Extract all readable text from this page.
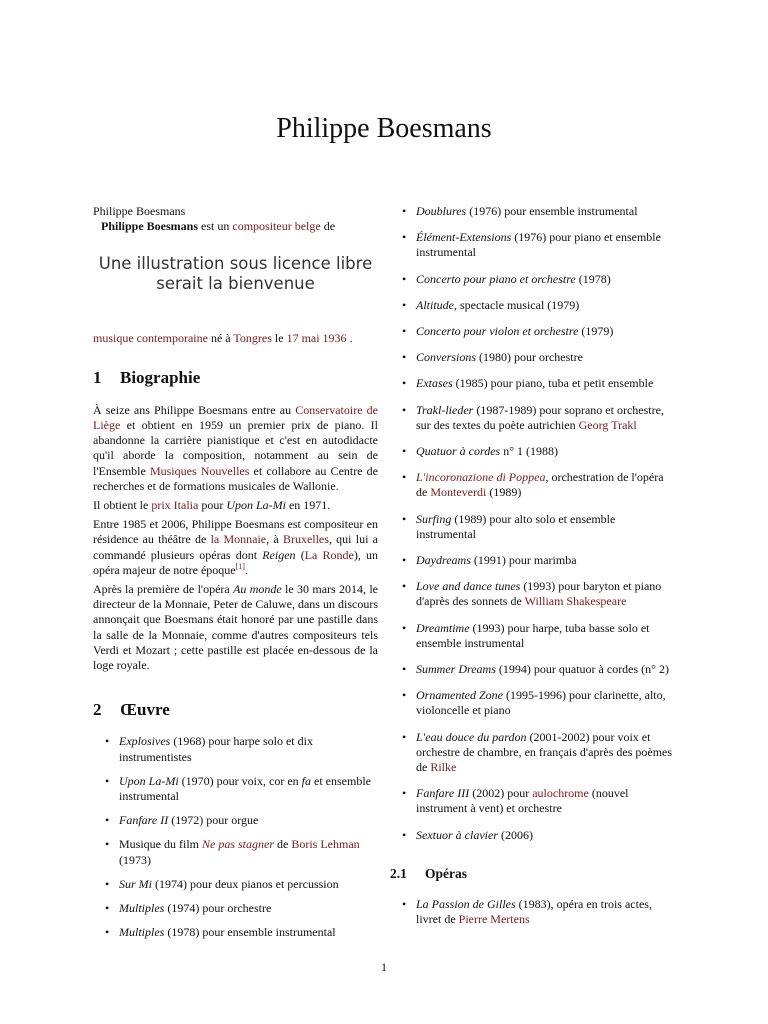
Philippe Boesmans

Philippe Boesmans

Philippe Boesmans est un compositeur belge de

Une illustration sous licence libre serait la bienvenue

musique contemporaine né à Tongres le 17 mai 1936 .

1	Biographie

À seize ans Philippe Boesmans entre au Conservatoire de Liège et obtient en 1959 un premier prix de piano. Il abandonne la carrière pianistique et c'est en autodidacte qu'il aborde la composition, notamment au sein de l'Ensemble Musiques Nouvelles et collabore au Centre de recherches et de formations musicales de Wallonie.

Il obtient le prix Italia pour Upon La-Mi en 1971.

Entre 1985 et 2006, Philippe Boesmans est compositeur en résidence au théâtre de la Monnaie, à Bruxelles, qui lui a commandé plusieurs opéras dont Reigen (La Ronde), un opéra majeur de notre époque[1].

Après la première de l'opéra Au monde le 30 mars 2014, le directeur de la Monnaie, Peter de Caluwe, dans un discours annonçait que Boesmans était honoré par une pastille dans la salle de la Monnaie, comme d'autres compositeurs tels Verdi et Mozart ; cette pastille est placée en-dessous de la loge royale.

2	Œuvre
• Explosives (1968) pour harpe solo et dix instrumentistes
• Upon La-Mi (1970) pour voix, cor en fa et ensemble instrumental
• Fanfare II (1972) pour orgue
• Musique du film Ne pas stagner de Boris Lehman (1973)
• Sur Mi (1974) pour deux pianos et percussion
• Multiples (1974) pour orchestre
• Multiples (1978) pour ensemble instrumental
• Doublures (1976) pour ensemble instrumental
• Élément-Extensions (1976) pour piano et ensemble instrumental
• Concerto pour piano et orchestre (1978)
• Altitude, spectacle musical (1979)
• Concerto pour violon et orchestre (1979)
• Conversions (1980) pour orchestre
• Extases (1985) pour piano, tuba et petit ensemble
• Trakl-lieder (1987-1989) pour soprano et orchestre, sur des textes du poète autrichien Georg Trakl
• Quatuor à cordes n° 1 (1988)
• L'incoronazione di Poppea, orchestration de l'opéra de Monteverdi (1989)
• Surfing (1989) pour alto solo et ensemble instrumental
• Daydreams (1991) pour marimba
• Love and dance tunes (1993) pour baryton et piano d'après des sonnets de William Shakespeare
• Dreamtime (1993) pour harpe, tuba basse solo et ensemble instrumental
• Summer Dreams (1994) pour quatuor à cordes (n° 2)
• Ornamented Zone (1995-1996) pour clarinette, alto, violoncelle et piano
• L'eau douce du pardon (2001-2002) pour voix et orchestre de chambre, en français d'après des poèmes de Rilke
• Fanfare III (2002) pour aulochrome (nouvel instrument à vent) et orchestre
• Sextuor à clavier (2006)
2.1	Opéras
• La Passion de Gilles (1983), opéra en trois actes, livret de Pierre Mertens
1
